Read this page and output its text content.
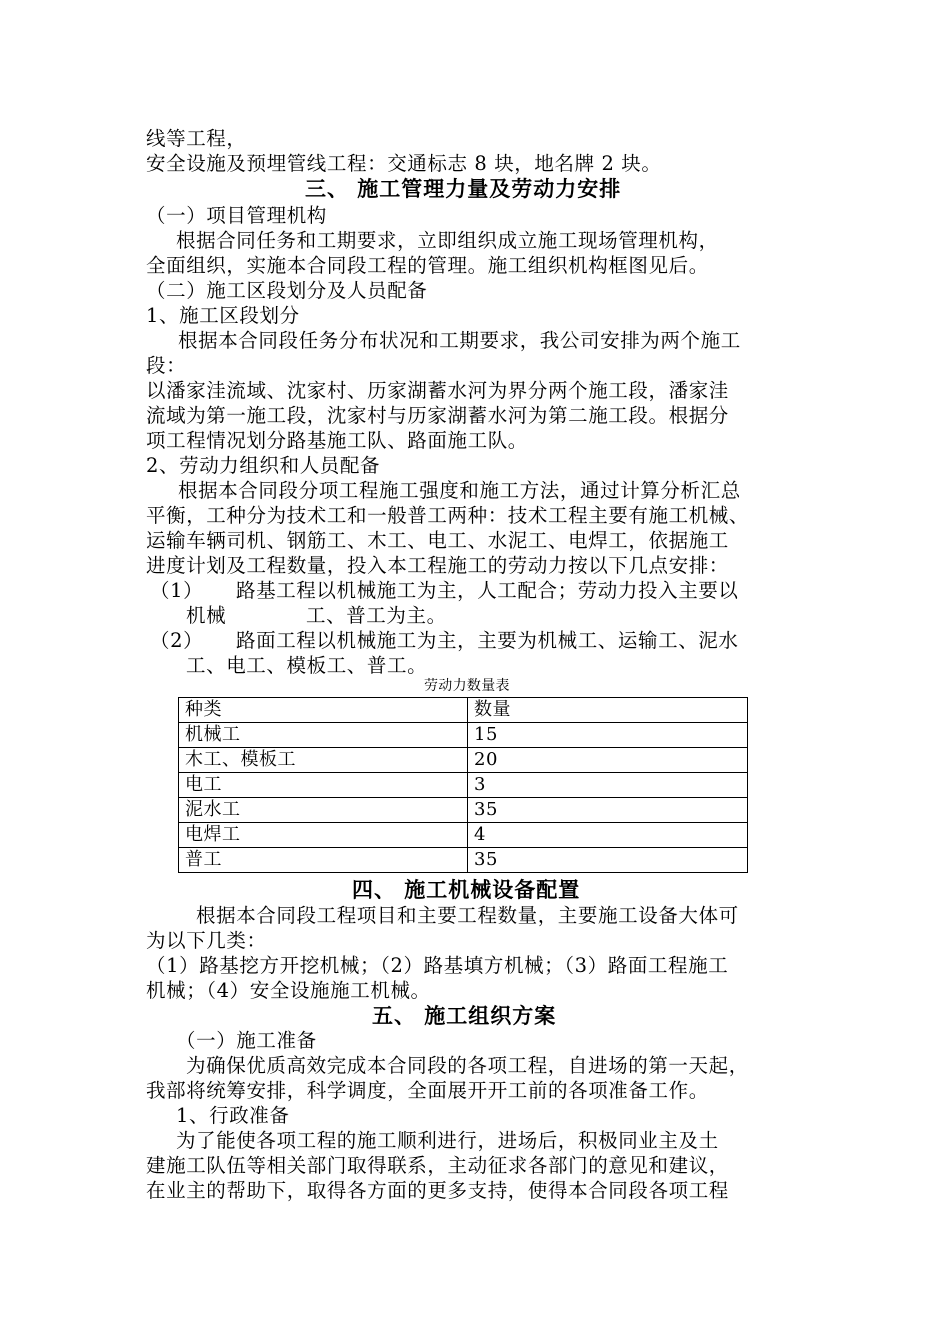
线等工程，
安全设施及预埋管线工程：交通标志 8 块，地名牌 2 块。
三、 施工管理力量及劳动力安排
（一）项目管理机构
根据合同任务和工期要求，立即组织成立施工现场管理机构，
全面组织，实施本合同段工程的管理。施工组织机构框图见后。
（二）施工区段划分及人员配备
1、施工区段划分
根据本合同段任务分布状况和工期要求，我公司安排为两个施工
段：
以潘家洼流域、沈家村、历家湖蓄水河为界分两个施工段，潘家洼
流域为第一施工段，沈家村与历家湖蓄水河为第二施工段。根据分
项工程情况划分路基施工队、路面施工队。
2、劳动力组织和人员配备
根据本合同段分项工程施工强度和施工方法，通过计算分析汇总
平衡，工种分为技术工和一般普工两种：技术工程主要有施工机械、
运输车辆司机、钢筋工、木工、电工、水泥工、电焊工，依据施工
进度计划及工程数量，投入本工程施工的劳动力按以下几点安排：
（1） 路基工程以机械施工为主，人工配合；劳动力投入主要以
机械	工、普工为主。
（2） 路面工程以机械施工为主，主要为机械工、运输工、泥水
工、电工、模板工、普工。
劳动力数量表
种类	数量
机械工	15
木工、模板工	20
电工	3
泥水工	35
电焊工	4
普工	35
四、 施工机械设备配置
根据本合同段工程项目和主要工程数量，主要施工设备大体可
为以下几类：
（1）路基挖方开挖机械；（2）路基填方机械；（3）路面工程施工
机械；（4）安全设施施工机械。
五、 施工组织方案
（一）施工准备
为确保优质高效完成本合同段的各项工程，自进场的第一天起，
我部将统筹安排，科学调度，全面展开开工前的各项准备工作。
1、行政准备
为了能使各项工程的施工顺利进行，进场后，积极同业主及土
建施工队伍等相关部门取得联系，主动征求各部门的意见和建议，
在业主的帮助下，取得各方面的更多支持，使得本合同段各项工程
